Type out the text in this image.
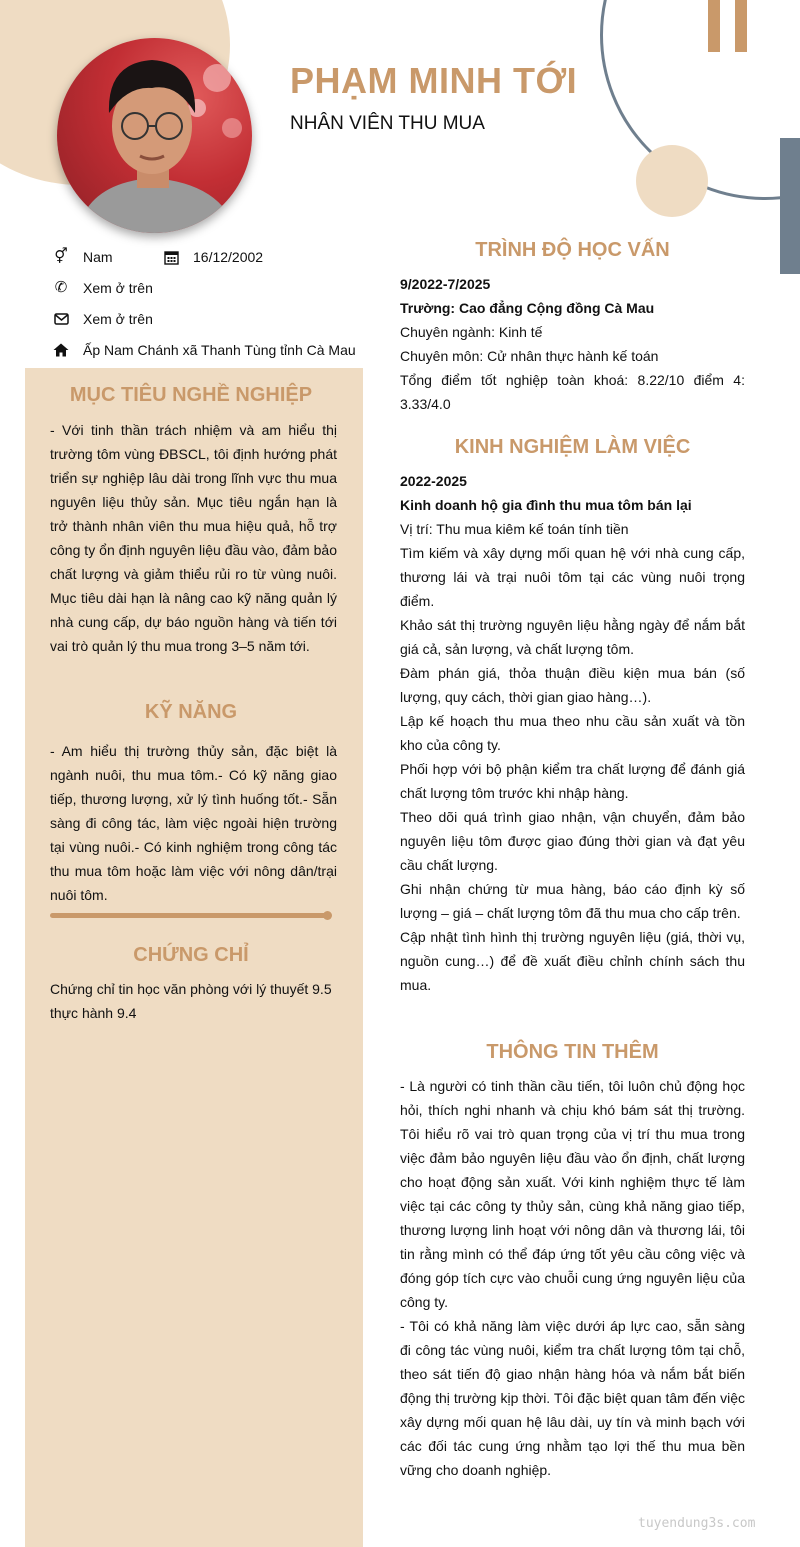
PHẠM MINH TỚI
NHÂN VIÊN THU MUA
⚥ Nam	16/12/2002
✆ Xem ở trên
Xem ở trên
Ấp Nam Chánh xã Thanh Tùng tỉnh Cà Mau
MỤC TIÊU NGHỀ NGHIỆP
- Với tinh thần trách nhiệm và am hiểu thị trường tôm vùng ĐBSCL, tôi định hướng phát triển sự nghiệp lâu dài trong lĩnh vực thu mua nguyên liệu thủy sản. Mục tiêu ngắn hạn là trở thành nhân viên thu mua hiệu quả, hỗ trợ công ty ổn định nguyên liệu đầu vào, đảm bảo chất lượng và giảm thiểu rủi ro từ vùng nuôi. Mục tiêu dài hạn là nâng cao kỹ năng quản lý nhà cung cấp, dự báo nguồn hàng và tiến tới vai trò quản lý thu mua trong 3–5 năm tới.
KỸ NĂNG
- Am hiểu thị trường thủy sản, đặc biệt là ngành nuôi, thu mua tôm.- Có kỹ năng giao tiếp, thương lượng, xử lý tình huống tốt.- Sẵn sàng đi công tác, làm việc ngoài hiện trường tại vùng nuôi.- Có kinh nghiệm trong công tác thu mua tôm hoặc làm việc với nông dân/trại nuôi tôm.
CHỨNG CHỈ
Chứng chỉ tin học văn phòng với lý thuyết 9.5 thực hành 9.4
TRÌNH ĐỘ HỌC VẤN

9/2022-7/2025

Trường: Cao đẳng Cộng đồng Cà Mau

Chuyên ngành: Kinh tế

Chuyên môn: Cử nhân thực hành kế toán

Tổng điểm tốt nghiệp toàn khoá: 8.22/10 điểm 4: 3.33/4.0

KINH NGHIỆM LÀM VIỆC

2022-2025

Kinh doanh hộ gia đình thu mua tôm bán lại

Vị trí: Thu mua kiêm kế toán tính tiền

Tìm kiếm và xây dựng mối quan hệ với nhà cung cấp, thương lái và trại nuôi tôm tại các vùng nuôi trọng điểm.

Khảo sát thị trường nguyên liệu hằng ngày để nắm bắt giá cả, sản lượng, và chất lượng tôm.

Đàm phán giá, thỏa thuận điều kiện mua bán (số lượng, quy cách, thời gian giao hàng…).

Lập kế hoạch thu mua theo nhu cầu sản xuất và tồn kho của công ty.

Phối hợp với bộ phận kiểm tra chất lượng để đánh giá chất lượng tôm trước khi nhập hàng.

Theo dõi quá trình giao nhận, vận chuyển, đảm bảo nguyên liệu tôm được giao đúng thời gian và đạt yêu cầu chất lượng.

Ghi nhận chứng từ mua hàng, báo cáo định kỳ số lượng – giá – chất lượng tôm đã thu mua cho cấp trên.

Cập nhật tình hình thị trường nguyên liệu (giá, thời vụ, nguồn cung…) để đề xuất điều chỉnh chính sách thu mua.

THÔNG TIN THÊM

- Là người có tinh thần cầu tiến, tôi luôn chủ động học hỏi, thích nghi nhanh và chịu khó bám sát thị trường. Tôi hiểu rõ vai trò quan trọng của vị trí thu mua trong việc đảm bảo nguyên liệu đầu vào ổn định, chất lượng cho hoạt động sản xuất. Với kinh nghiệm thực tế làm việc tại các công ty thủy sản, cùng khả năng giao tiếp, thương lượng linh hoạt với nông dân và thương lái, tôi tin rằng mình có thể đáp ứng tốt yêu cầu công việc và đóng góp tích cực vào chuỗi cung ứng nguyên liệu của công ty.

- Tôi có khả năng làm việc dưới áp lực cao, sẵn sàng đi công tác vùng nuôi, kiểm tra chất lượng tôm tại chỗ, theo sát tiến độ giao nhận hàng hóa và nắm bắt biến động thị trường kịp thời. Tôi đặc biệt quan tâm đến việc xây dựng mối quan hệ lâu dài, uy tín và minh bạch với các đối tác cung ứng nhằm tạo lợi thế thu mua bền vững cho doanh nghiệp.

tuyendung3s.com
